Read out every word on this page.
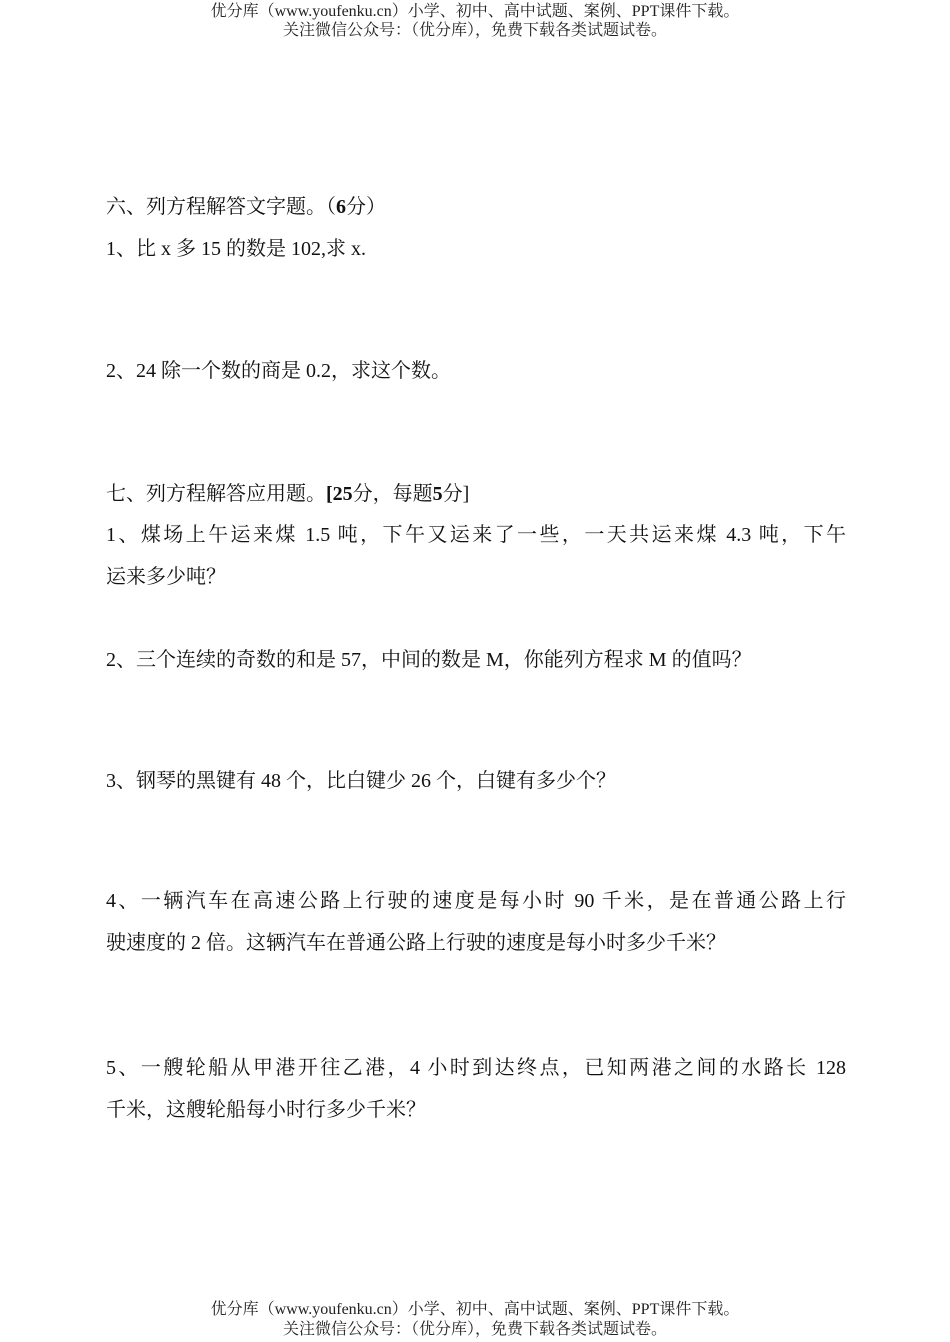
优分库（www.youfenku.cn）小学、初中、高中试题、案例、PPT课件下载。
关注微信公众号：（优分库），免费下载各类试题试卷。
六、列方程解答文字题。（6分）
1、比 x 多 15 的数是 102,求 x.
2、24 除一个数的商是 0.2，求这个数。
七、列方程解答应用题。[25分，每题5分]
1、煤场上午运来煤 1.5 吨，下午又运来了一些，一天共运来煤 4.3 吨，下午
运来多少吨？
2、三个连续的奇数的和是 57，中间的数是 M，你能列方程求 M 的值吗？
3、钢琴的黑键有 48 个，比白键少 26 个，白键有多少个？
4、一辆汽车在高速公路上行驶的速度是每小时 90 千米，是在普通公路上行
驶速度的 2 倍。这辆汽车在普通公路上行驶的速度是每小时多少千米？
5、一艘轮船从甲港开往乙港，4 小时到达终点，已知两港之间的水路长 128
千米，这艘轮船每小时行多少千米？
优分库（www.youfenku.cn）小学、初中、高中试题、案例、PPT课件下载。
关注微信公众号：（优分库），免费下载各类试题试卷。
